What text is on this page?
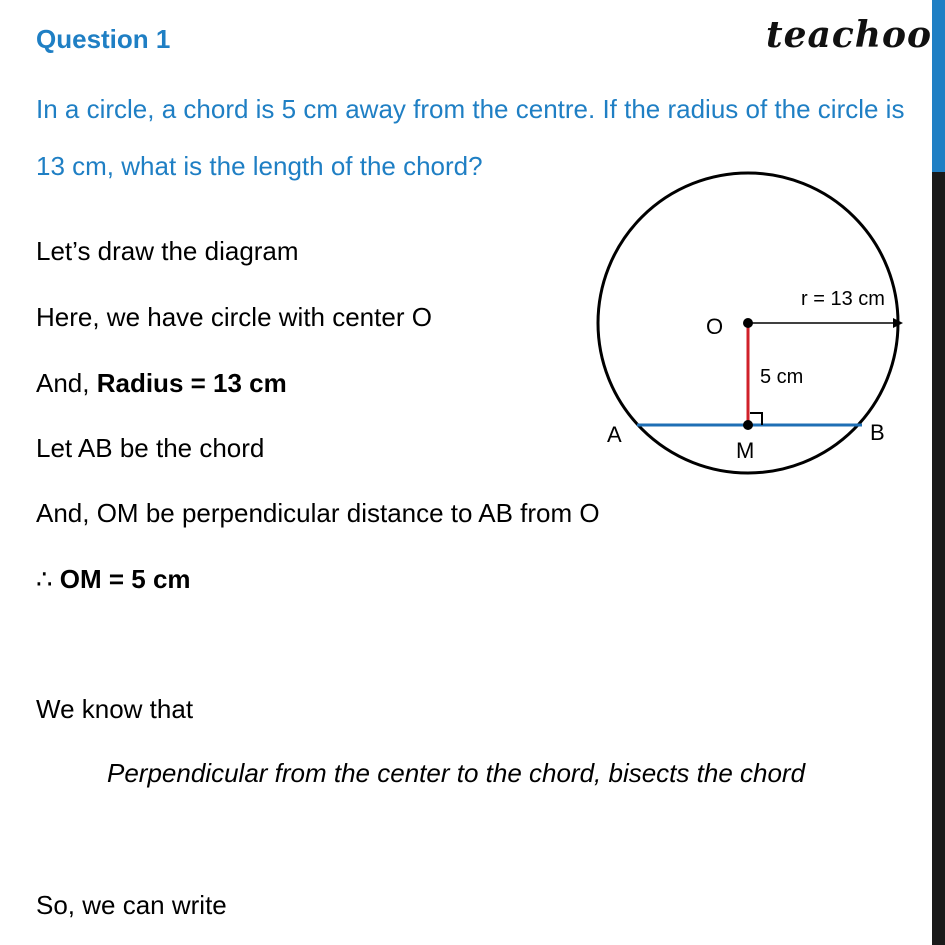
Question 1	teachoo
In a circle, a chord is 5 cm away from the centre. If the radius of the circle is 13 cm, what is the length of the chord?
Let’s draw the diagram
Here, we have circle with center O
And, Radius = 13 cm
Let AB be the chord
And, OM be perpendicular distance to AB from O
∴ OM = 5 cm
We know that
Perpendicular from the center to the chord, bisects the chord
So, we can write
O
r = 13 cm
5 cm
A	B
M
